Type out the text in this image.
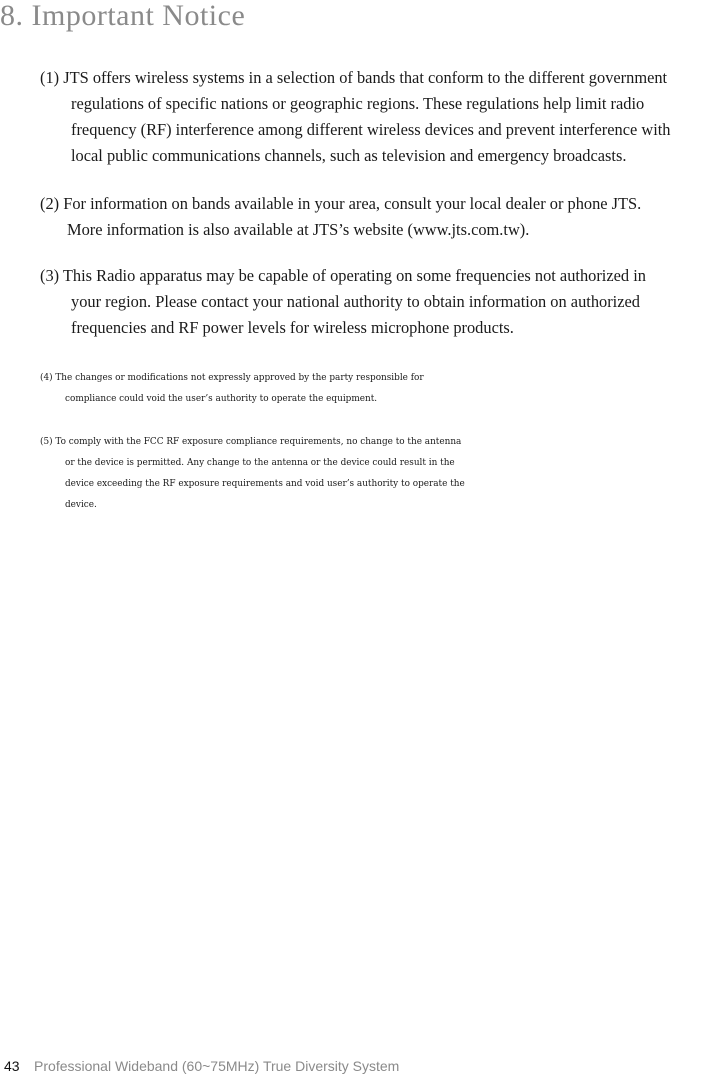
8. Important Notice
(1) JTS offers wireless systems in a selection of bands that conform to the different government
regulations of specific nations or geographic regions. These regulations help limit radio
frequency (RF) interference among different wireless devices and prevent interference with
local public communications channels, such as television and emergency broadcasts.
(2) For information on bands available in your area, consult your local dealer or phone JTS.
More information is also available at JTS’s website (www.jts.com.tw).
(3) This Radio apparatus may be capable of operating on some frequencies not authorized in
your region. Please contact your national authority to obtain information on authorized
frequencies and RF power levels for wireless microphone products.
(4) The changes or modifications not expressly approved by the party responsible for
compliance could void the user’s authority to operate the equipment.
(5) To comply with the FCC RF exposure compliance requirements, no change to the antenna
or the device is permitted. Any change to the antenna or the device could result in the
device exceeding the RF exposure requirements and void user’s authority to operate the
device.
43 Professional Wideband (60~75MHz) True Diversity System
